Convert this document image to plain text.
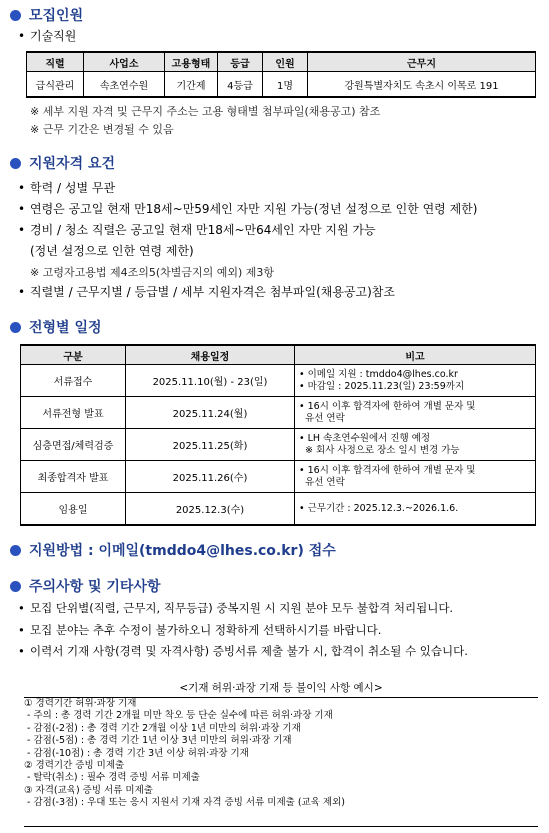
모집인원
• 기술직원
직렬	사업소	고용형태	등급	인원	근무지
급식관리	속초연수원	기간제	4등급	1명	강원특별자치도 속초시 이목로 191
※ 세부 지원 자격 및 근무지 주소는 고용 형태별 첨부파일(채용공고) 참조
※ 근무 기간은 변경될 수 있음
지원자격 요건
• 학력 / 성별 무관
• 연령은 공고일 현재 만18세~만59세인 자만 지원 가능(정년 설정으로 인한 연령 제한)
• 경비 / 청소 직렬은 공고일 현재 만18세~만64세인 자만 지원 가능
(정년 설정으로 인한 연령 제한)
※ 고령자고용법 제4조의5(차별금지의 예외) 제3항
• 직렬별 / 근무지별 / 등급별 / 세부 지원자격은 첨부파일(채용공고)참조
전형별 일정
구분	채용일정	비고
서류접수	2025.11.10(월) - 23(일)	• 이메일 지원 : tmddo4@lhes.co.kr
• 마감일 : 2025.11.23(일) 23:59까지

서류전형 발표	2025.11.24(월)	• 16시 이후 합격자에 한하여 개별 문자 및
유선 연락

심층면접/체력검증	2025.11.25(화)	• LH 속초연수원에서 진행 예정
※ 회사 사정으로 장소 일시 변경 가능

최종합격자 발표	2025.11.26(수)	• 16시 이후 합격자에 한하여 개별 문자 및
유선 연락

임용일	2025.12.3(수)	• 근무기간 : 2025.12.3.~2026.1.6.
지원방법 : 이메일(tmddo4@lhes.co.kr) 접수
주의사항 및 기타사항
• 모집 단위별(직렬, 근무지, 직무등급) 중복지원 시 지원 분야 모두 불합격 처리됩니다.
• 모집 분야는 추후 수정이 불가하오니 정확하게 선택하시기를 바랍니다.
• 이력서 기재 사항(경력 및 자격사항) 증빙서류 제출 불가 시, 합격이 취소될 수 있습니다.
<기재 허위·과장 기재 등 불이익 사항 예시>
① 경력기간 허위·과장 기재
- 주의 : 총 경력 기간 2개월 미만 착오 등 단순 실수에 따른 허위·과장 기재
- 감점(-2점) : 총 경력 기간 2개월 이상 1년 미만의 허위·과장 기재
- 감점(-5점) : 총 경력 기간 1년 이상 3년 미만의 허위·과장 기재
- 감점(-10점) : 총 경력 기간 3년 이상 허위·과장 기재
② 경력기간 증빙 미제출
- 탈락(취소) : 필수 경력 증빙 서류 미제출
③ 자격(교육) 증빙 서류 미제출
- 감점(-3점) : 우대 또는 응시 지원서 기재 자격 증빙 서류 미제출 (교육 제외)
